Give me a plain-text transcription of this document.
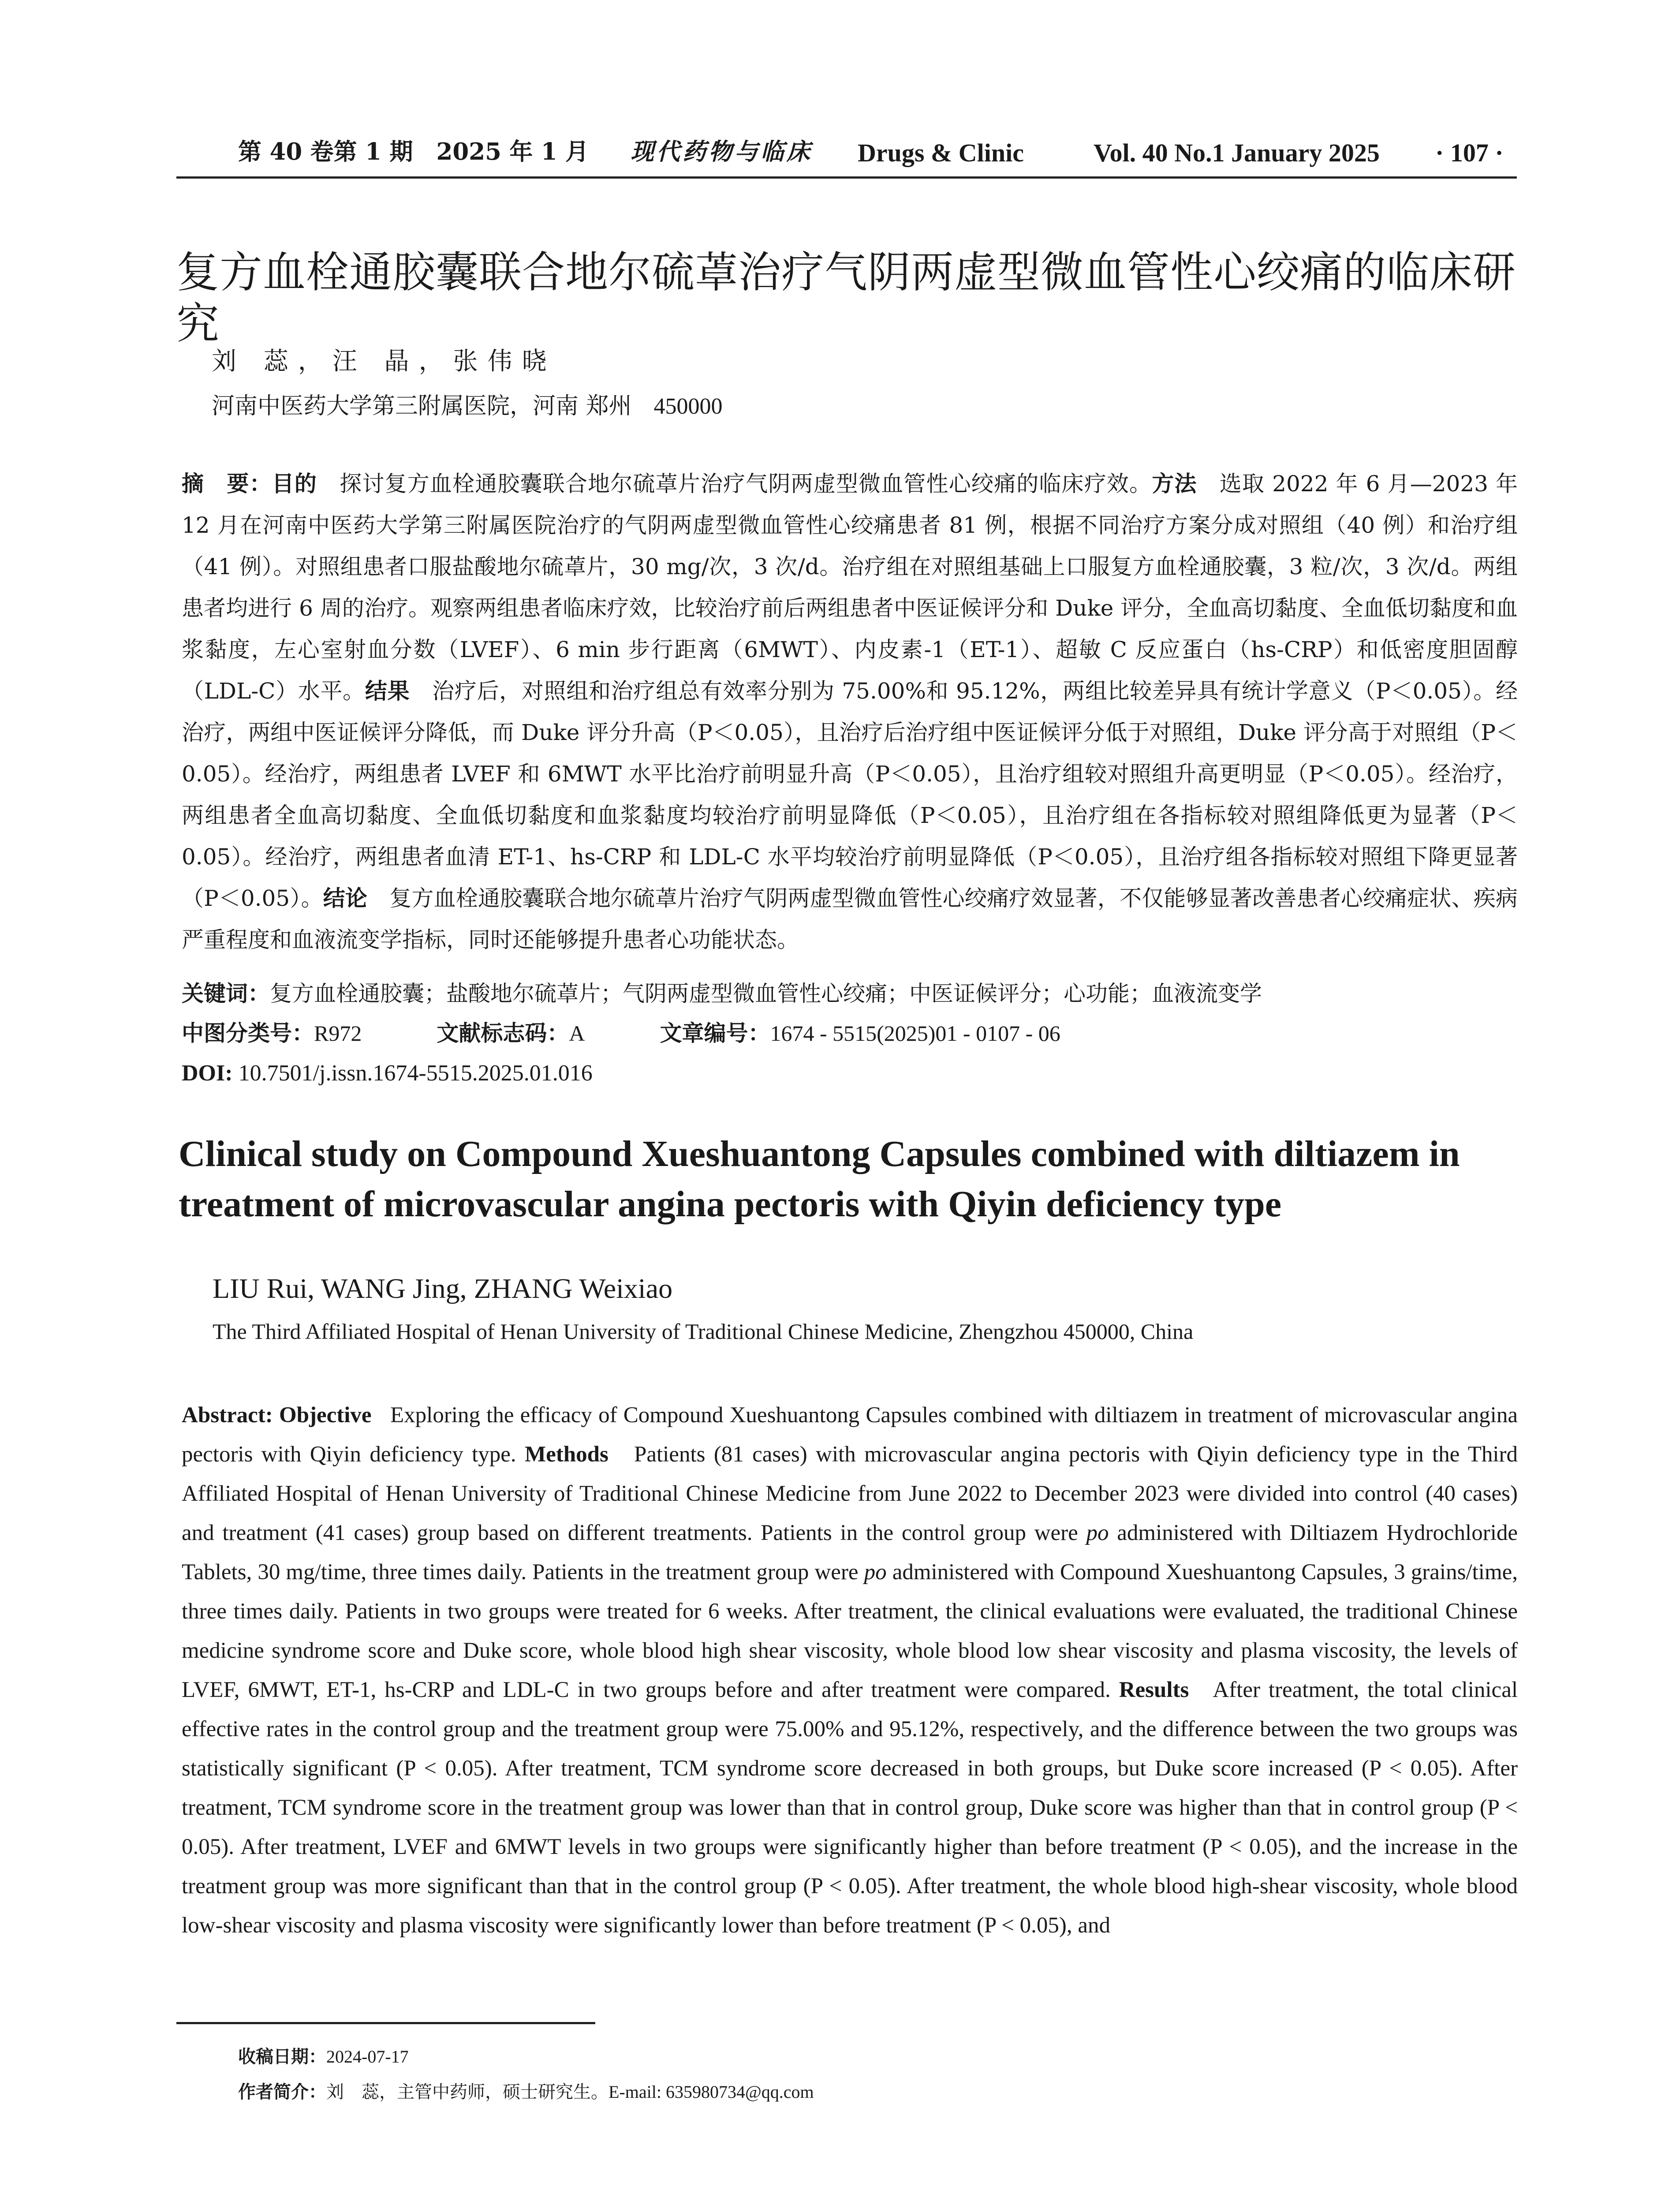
第 40 卷第 1 期　2025 年 1 月 现代药物与临床 Drugs & Clinic	Vol. 40 No.1 January 2025 · 107 ·
复方血栓通胶囊联合地尔硫䓬治疗气阴两虚型微血管性心绞痛的临床研究
刘 蕊，汪 晶，张伟晓
河南中医药大学第三附属医院，河南 郑州 450000
摘　要：目的　 探讨复方血栓通胶囊联合地尔硫䓬片治疗气阴两虚型微血管性心绞痛的临床疗效。方法　 选取 2022 年 6 月—2023 年 12 月在河南中医药大学第三附属医院治疗的气阴两虚型微血管性心绞痛患者 81 例，根据不同治疗方案分成对照组（40 例）和治疗组（41 例）。对照组患者口服盐酸地尔硫䓬片，30 mg/次，3 次/d。治疗组在对照组基础上口服复方血栓通胶囊，3 粒/次，3 次/d。两组患者均进行 6 周的治疗。观察两组患者临床疗效，比较治疗前后两组患者中医证候评分和 Duke 评分，全血高切黏度、全血低切黏度和血浆黏度，左心室射血分数（LVEF）、6 min 步行距离（6MWT）、内皮素-1（ET-1）、超敏 C 反应蛋白（hs-CRP）和低密度胆固醇（LDL-C）水平。结果　 治疗后，对照组和治疗组总有效率分别为 75.00%和 95.12%，两组比较差异具有统计学意义（P＜0.05）。经治疗，两组中医证候评分降低，而 Duke 评分升高（P＜0.05），且治疗后治疗组中医证候评分低于对照组，Duke 评分高于对照组（P＜0.05）。经治疗，两组患者 LVEF 和 6MWT 水平比治疗前明显升高（P＜0.05），且治疗组较对照组升高更明显（P＜0.05）。经治疗，两组患者全血高切黏度、全血低切黏度和血浆黏度均较治疗前明显降低（P＜0.05），且治疗组在各指标较对照组降低更为显著（P＜0.05）。经治疗，两组患者血清 ET-1、hs-CRP 和 LDL-C 水平均较治疗前明显降低（P＜0.05），且治疗组各指标较对照组下降更显著（P＜0.05）。结论　 复方血栓通胶囊联合地尔硫䓬片治疗气阴两虚型微血管性心绞痛疗效显著，不仅能够显著改善患者心绞痛症状、疾病严重程度和血液流变学指标，同时还能够提升患者心功能状态。
关键词：复方血栓通胶囊；盐酸地尔硫䓬片；气阴两虚型微血管性心绞痛；中医证候评分；心功能；血液流变学
中图分类号：R972	文献标志码：A	文章编号：1674 - 5515(2025)01 - 0107 - 06
DOI: 10.7501/j.issn.1674-5515.2025.01.016
Clinical study on Compound Xueshuantong Capsules combined with diltiazem in treatment of microvascular angina pectoris with Qiyin deficiency type
LIU Rui, WANG Jing, ZHANG Weixiao
The Third Affiliated Hospital of Henan University of Traditional Chinese Medicine, Zhengzhou 450000, China
Abstract: Objective Exploring the efficacy of Compound Xueshuantong Capsules combined with diltiazem in treatment of microvascular angina pectoris with Qiyin deficiency type. Methods Patients (81 cases) with microvascular angina pectoris with Qiyin deficiency type in the Third Affiliated Hospital of Henan University of Traditional Chinese Medicine from June 2022 to December 2023 were divided into control (40 cases) and treatment (41 cases) group based on different treatments. Patients in the control group were po administered with Diltiazem Hydrochloride Tablets, 30 mg/time, three times daily. Patients in the treatment group were po administered with Compound Xueshuantong Capsules, 3 grains/time, three times daily. Patients in two groups were treated for 6 weeks. After treatment, the clinical evaluations were evaluated, the traditional Chinese medicine syndrome score and Duke score, whole blood high shear viscosity, whole blood low shear viscosity and plasma viscosity, the levels of LVEF, 6MWT, ET-1, hs-CRP and LDL-C in two groups before and after treatment were compared. Results After treatment, the total clinical effective rates in the control group and the treatment group were 75.00% and 95.12%, respectively, and the difference between the two groups was statistically significant (P < 0.05). After treatment, TCM syndrome score decreased in both groups, but Duke score increased (P < 0.05). After treatment, TCM syndrome score in the treatment group was lower than that in control group, Duke score was higher than that in control group (P < 0.05). After treatment, LVEF and 6MWT levels in two groups were significantly higher than before treatment (P < 0.05), and the increase in the treatment group was more significant than that in the control group (P < 0.05). After treatment, the whole blood high-shear viscosity, whole blood low-shear viscosity and plasma viscosity were significantly lower than before treatment (P < 0.05), and
收稿日期：2024-07-17
作者简介：刘　蕊，主管中药师，硕士研究生。E-mail: 635980734@qq.com
